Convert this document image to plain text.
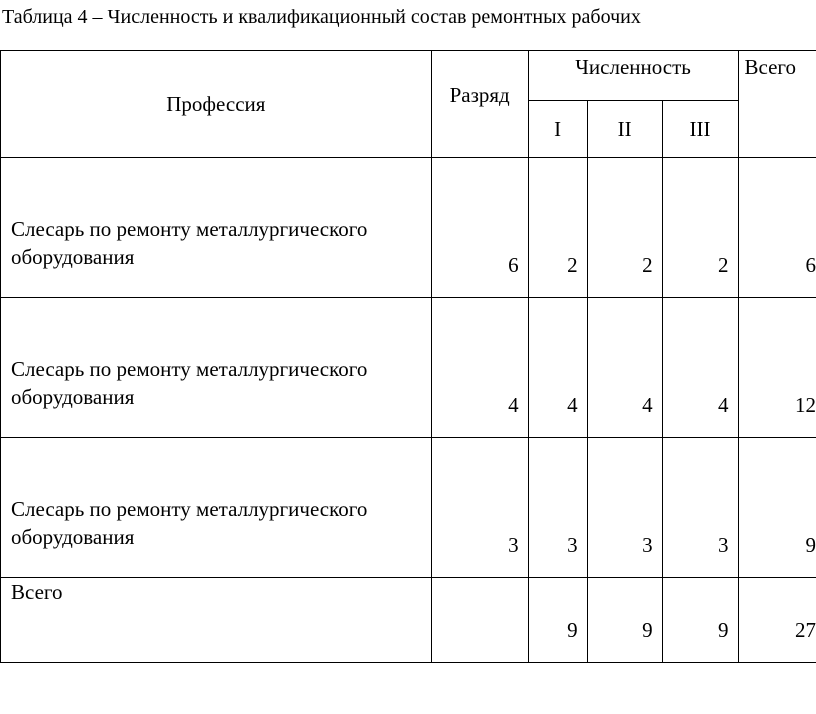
Таблица 4 – Численность и квалификационный состав ремонтных рабочих
Профессия	Разряд	Численность			Всего
		I	II	III	
Слесарь по ремонту металлургического оборудования	6	2	2	2	6
Слесарь по ремонту металлургического оборудования	4	4	4	4	12
Слесарь по ремонту металлургического оборудования	3	3	3	3	9
Всего		9	9	9	27
